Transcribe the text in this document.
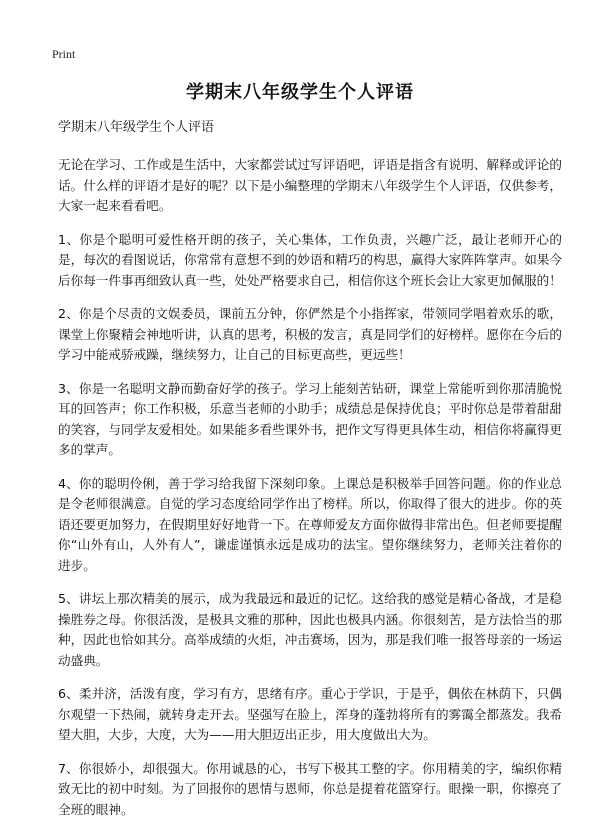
Print
学期末八年级学生个人评语

学期末八年级学生个人评语

无论在学习、工作或是生活中，大家都尝试过写评语吧，评语是指含有说明、解释或评论的话。什么样的评语才是好的呢？以下是小编整理的学期末八年级学生个人评语，仅供参考，大家一起来看看吧。

1、你是个聪明可爱性格开朗的孩子，关心集体，工作负责，兴趣广泛，最让老师开心的是，每次的看图说话，你常常有意想不到的妙语和精巧的构思，赢得大家阵阵掌声。如果今后你每一件事再细致认真一些，处处严格要求自己，相信你这个班长会让大家更加佩服的！

2、你是个尽责的文娱委员，课前五分钟，你俨然是个小指挥家，带领同学唱着欢乐的歌，课堂上你聚精会神地听讲，认真的思考，积极的发言，真是同学们的好榜样。愿你在今后的学习中能戒骄戒躁，继续努力，让自己的目标更高些，更远些！

3、你是一名聪明文静而勤奋好学的孩子。学习上能刻苦钻研，课堂上常能听到你那清脆悦耳的回答声；你工作积极，乐意当老师的小助手；成绩总是保持优良；平时你总是带着甜甜的笑容，与同学友爱相处。如果能多看些课外书，把作文写得更具体生动，相信你将赢得更多的掌声。

4、你的聪明伶俐，善于学习给我留下深刻印象。上课总是积极举手回答问题。你的作业总是令老师很满意。自觉的学习态度给同学作出了榜样。所以，你取得了很大的进步。你的英语还要更加努力，在假期里好好地背一下。在尊师爱友方面你做得非常出色。但老师要提醒你“山外有山，人外有人”，谦虚谨慎永远是成功的法宝。望你继续努力，老师关注着你的进步。

5、讲坛上那次精美的展示，成为我最远和最近的记忆。这给我的感觉是精心备战，才是稳操胜券之母。你很活泼，是极具文雅的那种，因此也极具内涵。你很刻苦，是方法恰当的那种，因此也恰如其分。高举成绩的火炬，冲击赛场，因为，那是我们唯一报答母亲的一场运动盛典。

6、柔并济，活泼有度，学习有方，思绪有序。重心于学识，于是乎，偶依在林荫下，只偶尔观望一下热闹，就转身走开去。坚强写在脸上，浑身的蓬勃将所有的雾霭全都蒸发。我希望大胆，大步，大度，大为——用大胆迈出正步，用大度做出大为。

7、你很娇小，却很强大。你用诚恳的心，书写下极其工整的字。你用精美的字，编织你精致无比的初中时刻。为了回报你的恩情与恩师，你总是提着花篮穿行。眼操一职，你擦亮了全班的眼神。
